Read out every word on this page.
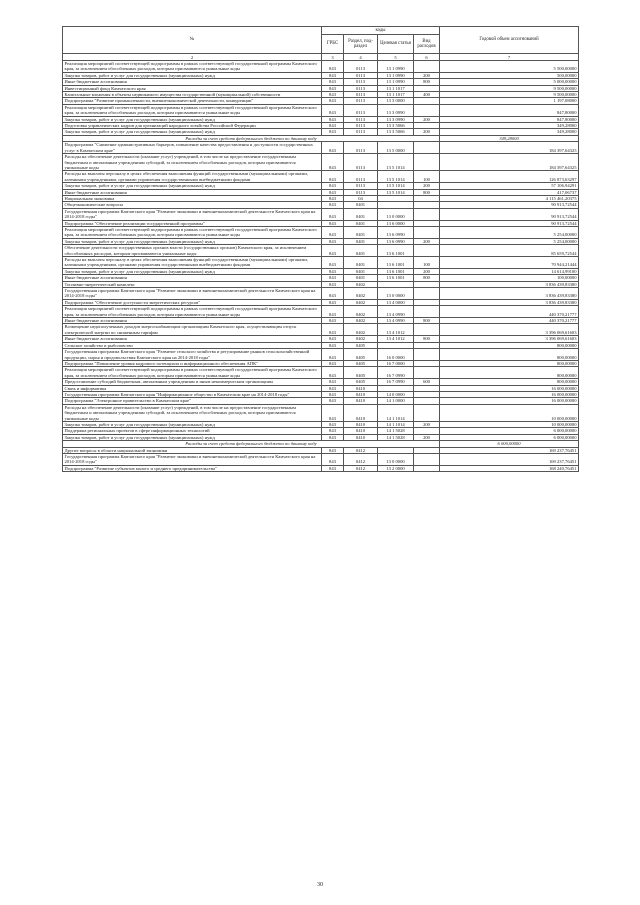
№	коды				Годовой объем ассигнований
	ГРБС	Раздел, под- раздел	Целевая статья	Вид расходов	
2	3	4	5	6	7
Реализация мероприятий соответствующей подпрограммы в рамках соответствующей государственной программы Камчатского края, за исключением обособленных расходов, которым присваиваются уникальные коды	843	0113	13 1 0990		5 500,00000
Закупка товаров, работ и услуг для государственных (муниципальных) нужд	843	0113	13 1 0990	200	500,00000
Иные бюджетные ассигнования	843	0113	13 1 0990	800	5 000,00000
Инвестиционный фонд Камчатского края	843	0113	13 1 1017		9 500,00000
Капитальные вложения в объекты недвижимого имущества государственной (муниципальной) собственности	843	0113	13 1 1017	400	9 500,00000
Подпрограмма "Развитие промышленности, внешнеэкономической деятельности, конкуренции"	843	0113	13 3 0000		1 197,08000
Реализация мероприятий соответствующей подпрограммы в рамках соответствующей государственной программы Камчатского края, за исключением обособленных расходов, которым присваиваются уникальные коды	843	0113	13 3 0990		847,80000
Закупка товаров, работ и услуг для государственных (муниципальных) нужд	843	0113	13 3 0990	200	847,80000
Подготовка управленческих кадров для организаций народного хозяйства Российской Федерации	843	0113	13 3 5066		349,28000
Закупка товаров, работ и услуг для государственных (муниципальных) нужд	843	0113	13 3 5066	200	349,28000
Расходы за счет средств федерального бюджета по данному коду					349,28000
Подпрограмма "Снижение административных барьеров, повышение качества предоставления и доступности государственных услуг в Камчатском крае"	843	0113	13 5 0000		184 397,64325
Расходы на обеспечение деятельности (оказание услуг) учреждений, в том числе на предоставление государственным бюджетным и автономным учреждениям субсидий, за исключением обособленных расходов, которым присваиваются уникальные коды	843	0113	13 5 1014		184 397,64325
Расходы на выплаты персоналу в целях обеспечения выполнения функций государственными (муниципальными) органами, казенными учреждениями, органами управления государственными внебюджетными фондами	843	0113	13 5 1014	100	126 873,63297
Закупка товаров, работ и услуг для государственных (муниципальных) нужд	843	0113	13 5 1014	200	57 106,94291
Иные бюджетные ассигнования	843	0113	13 5 1014	800	417,06737
Национальная экономика	843	04			4 115 461,20375
Общеэкономические вопросы	843	0401			90 913,72544
Государственная программа Камчатского края "Развитие экономики и внешнеэкономической деятельности Камчатского края на 2014-2018 годы"	843	0401	13 0 0000		90 913,72544
Подпрограмма "Обеспечение реализации государственной программы"	843	0401	13 6 0000		90 913,72544
Реализация мероприятий соответствующей подпрограммы в рамках соответствующей государственной программы Камчатского края, за исключением обособленных расходов, которым присваиваются уникальные коды	843	0401	13 6 0990		5 254,00000
Закупка товаров, работ и услуг для государственных (муниципальных) нужд	843	0401	13 6 0990	200	5 254,00000
Обеспечение деятельности государственных органов власти (государственных органов) Камчатского края, за исключением обособленных расходов, которым присваиваются уникальные коды	843	0401	13 6 1001		85 659,72544
Расходы на выплаты персоналу в целях обеспечения выполнения функций государственными (муниципальными) органами, казенными учреждениями, органами управления государственными внебюджетными фондами	843	0401	13 6 1001	100	70 944,21444
Закупка товаров, работ и услуг для государственных (муниципальных) нужд	843	0401	13 6 1001	200	14 614,99100
Иные бюджетные ассигнования	843	0401	13 6 1001	800	100,00000
Топливно-энергетический комплекс	843	0402			3 836 439,83380
Государственная программа Камчатского края "Развитие экономики и внешнеэкономической деятельности Камчатского края на 2014-2018 годы"	843	0402	13 0 0000		3 836 439,83380
Подпрограмма "Обеспечение доступности энергетических ресурсов"	843	0402	13 4 0000		3 836 439,83380
Реализация мероприятий соответствующей подпрограммы в рамках соответствующей государственной программы Камчатского края, за исключением обособленных расходов, которым присваиваются уникальные коды	843	0402	13 4 0990		440 370,21777
Иные бюджетные ассигнования	843	0402	13 4 0990	800	440 370,21777
Возмещение недополученных доходов энергоснабжающим организациям Камчатского края, осуществляющим отпуск электрической энергии по сниженным тарифам	843	0402	13 4 1012		3 396 069,61603
Иные бюджетные ассигнования	843	0402	13 4 1012	800	3 396 069,61603
Сельское хозяйство и рыболовство	843	0405			800,00000
Государственная программа Камчатского края "Развитие сельского хозяйства и регулирование рынков сельскохозяйственной продукции, сырья и продовольствия Камчатского края на 2014-2018 годы"	843	0405	16 0 0000		800,00000
Подпрограмма "Повышение уровня кадрового потенциала и информационного обеспечения АПК"	843	0405	16 7 0000		800,00000
Реализация мероприятий соответствующей подпрограммы в рамках соответствующей государственной программы Камчатского края, за исключением обособленных расходов, которым присваиваются уникальные коды	843	0405	16 7 0990		800,00000
Предоставление субсидий бюджетным, автономным учреждениям и иным некоммерческим организациям	843	0405	16 7 0990	600	800,00000
Связь и информатика	843	0410			16 000,00000
Государственная программа Камчатского края "Информационное общество в Камчатском крае на 2014-2018 годы"	843	0410	14 0 0000		16 000,00000
Подпрограмма "Электронное правительство в Камчатском крае"	843	0410	14 1 0000		16 000,00000
Расходы на обеспечение деятельности (оказание услуг) учреждений, в том числе на предоставление государственным бюджетным и автономным учреждениям субсидий, за исключением обособленных расходов, которым присваиваются уникальные коды	843	0410	14 1 1014		10 000,00000
Закупка товаров, работ и услуг для государственных (муниципальных) нужд	843	0410	14 1 1014	200	10 000,00000
Поддержка региональных проектов в сфере информационных технологий	843	0410	14 1 5028		6 000,00000
Закупка товаров, работ и услуг для государственных (муниципальных) нужд	843	0410	14 1 5028	200	6 000,00000
Расходы за счет средств федерального бюджета по данному коду					6 000,00000
Другие вопросы в области национальной экономики	843	0412			169 237,76451
Государственная программа Камчатского края "Развитие экономики и внешнеэкономической деятельности Камчатского края на 2014-2018 годы"	843	0412	13 0 0000		169 237,76451
Подпрограмма "Развитие субъектов малого и среднего предпринимательства"	843	0412	13 2 0000		168 240,76451
30
